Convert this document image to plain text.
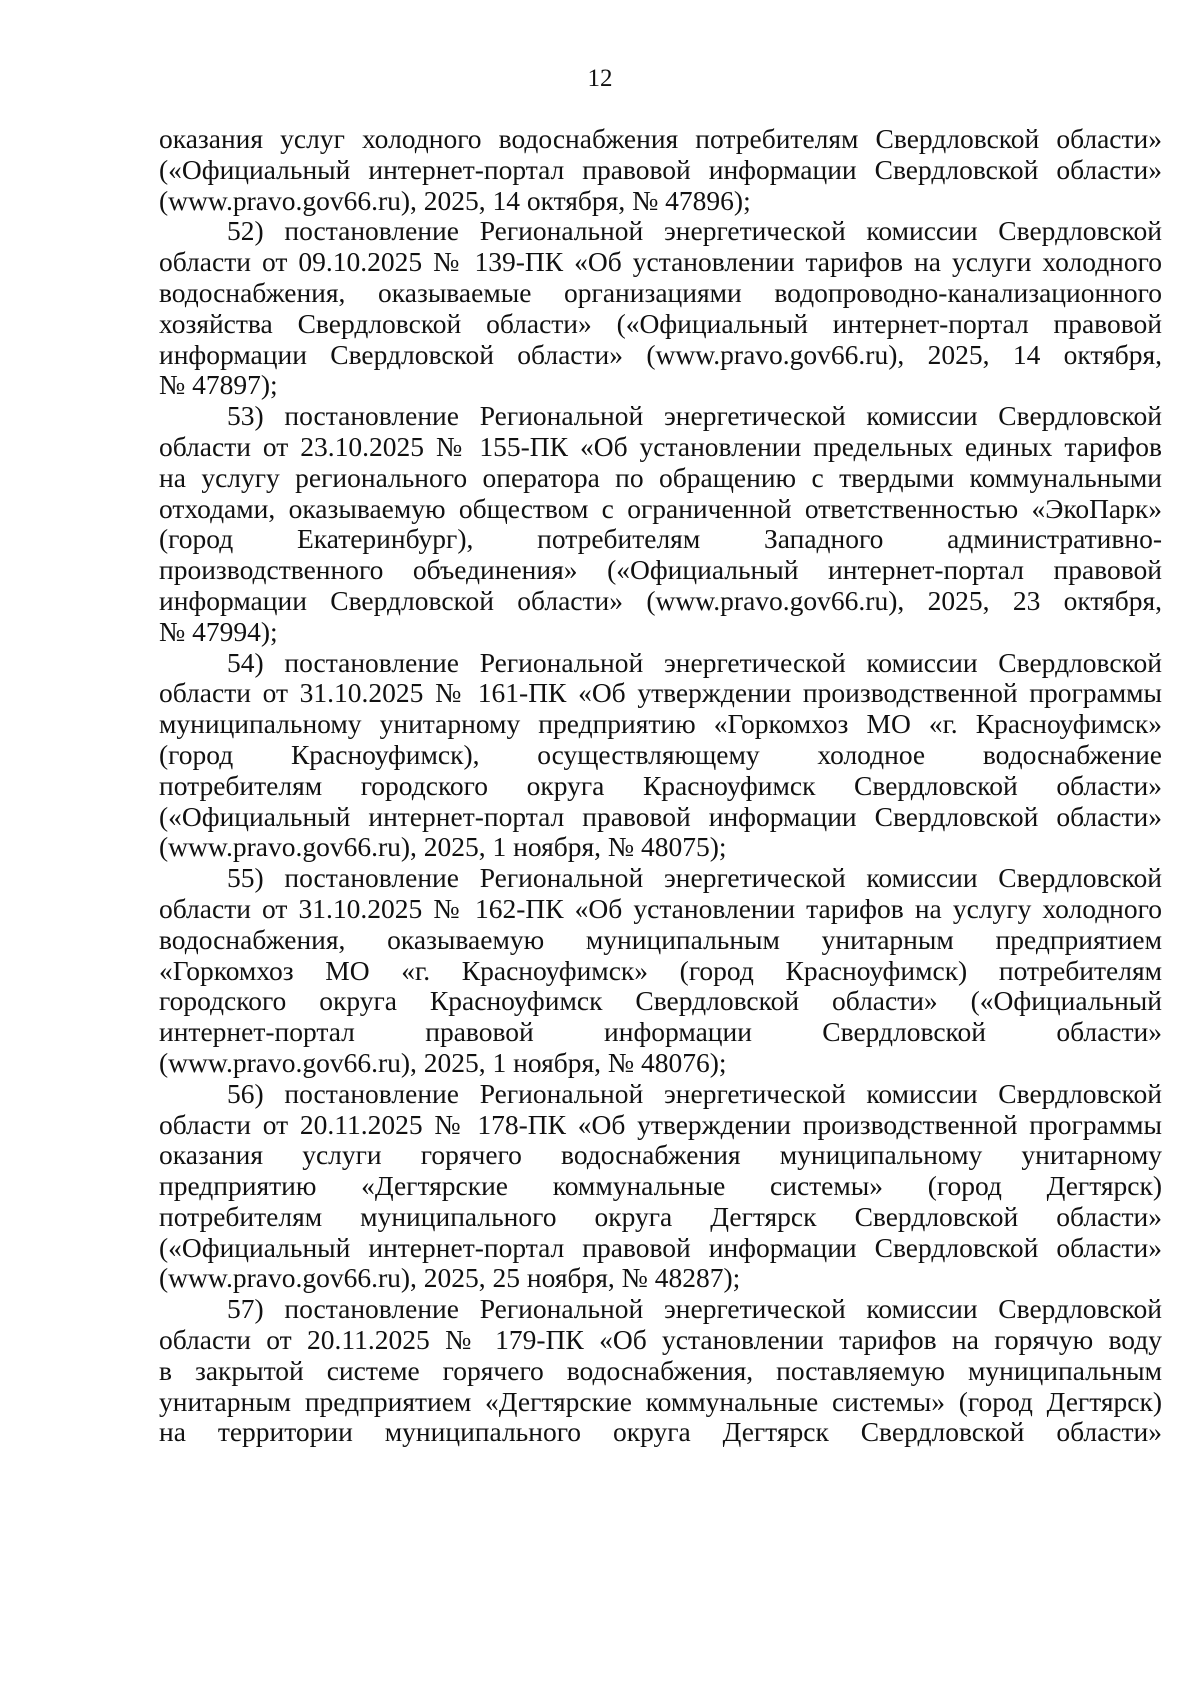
12
оказания услуг холодного водоснабжения потребителям Свердловской области»
(«Официальный интернет-портал правовой информации Свердловской области»
(www.pravo.gov66.ru), 2025, 14 октября, № 47896);
52) постановление Региональной энергетической комиссии Свердловской
области от 09.10.2025 № 139-ПК «Об установлении тарифов на услуги холодного
водоснабжения, оказываемые организациями водопроводно-канализационного
хозяйства Свердловской области» («Официальный интернет-портал правовой
информации Свердловской области» (www.pravo.gov66.ru), 2025, 14 октября,
№ 47897);
53) постановление Региональной энергетической комиссии Свердловской
области от 23.10.2025 № 155-ПК «Об установлении предельных единых тарифов
на услугу регионального оператора по обращению с твердыми коммунальными
отходами, оказываемую обществом с ограниченной ответственностью «ЭкоПарк»
(город Екатеринбург), потребителям Западного административно-
производственного объединения» («Официальный интернет-портал правовой
информации Свердловской области» (www.pravo.gov66.ru), 2025, 23 октября,
№ 47994);
54) постановление Региональной энергетической комиссии Свердловской
области от 31.10.2025 № 161-ПК «Об утверждении производственной программы
муниципальному унитарному предприятию «Горкомхоз МО «г. Красноуфимск»
(город Красноуфимск), осуществляющему холодное водоснабжение
потребителям городского округа Красноуфимск Свердловской области»
(«Официальный интернет-портал правовой информации Свердловской области»
(www.pravo.gov66.ru), 2025, 1 ноября, № 48075);
55) постановление Региональной энергетической комиссии Свердловской
области от 31.10.2025 № 162-ПК «Об установлении тарифов на услугу холодного
водоснабжения, оказываемую муниципальным унитарным предприятием
«Горкомхоз МО «г. Красноуфимск» (город Красноуфимск) потребителям
городского округа Красноуфимск Свердловской области» («Официальный
интернет-портал правовой информации Свердловской области»
(www.pravo.gov66.ru), 2025, 1 ноября, № 48076);
56) постановление Региональной энергетической комиссии Свердловской
области от 20.11.2025 № 178-ПК «Об утверждении производственной программы
оказания услуги горячего водоснабжения муниципальному унитарному
предприятию «Дегтярские коммунальные системы» (город Дегтярск)
потребителям муниципального округа Дегтярск Свердловской области»
(«Официальный интернет-портал правовой информации Свердловской области»
(www.pravo.gov66.ru), 2025, 25 ноября, № 48287);
57) постановление Региональной энергетической комиссии Свердловской
области от 20.11.2025 № 179-ПК «Об установлении тарифов на горячую воду
в закрытой системе горячего водоснабжения, поставляемую муниципальным
унитарным предприятием «Дегтярские коммунальные системы» (город Дегтярск)
на территории муниципального округа Дегтярск Свердловской области»
